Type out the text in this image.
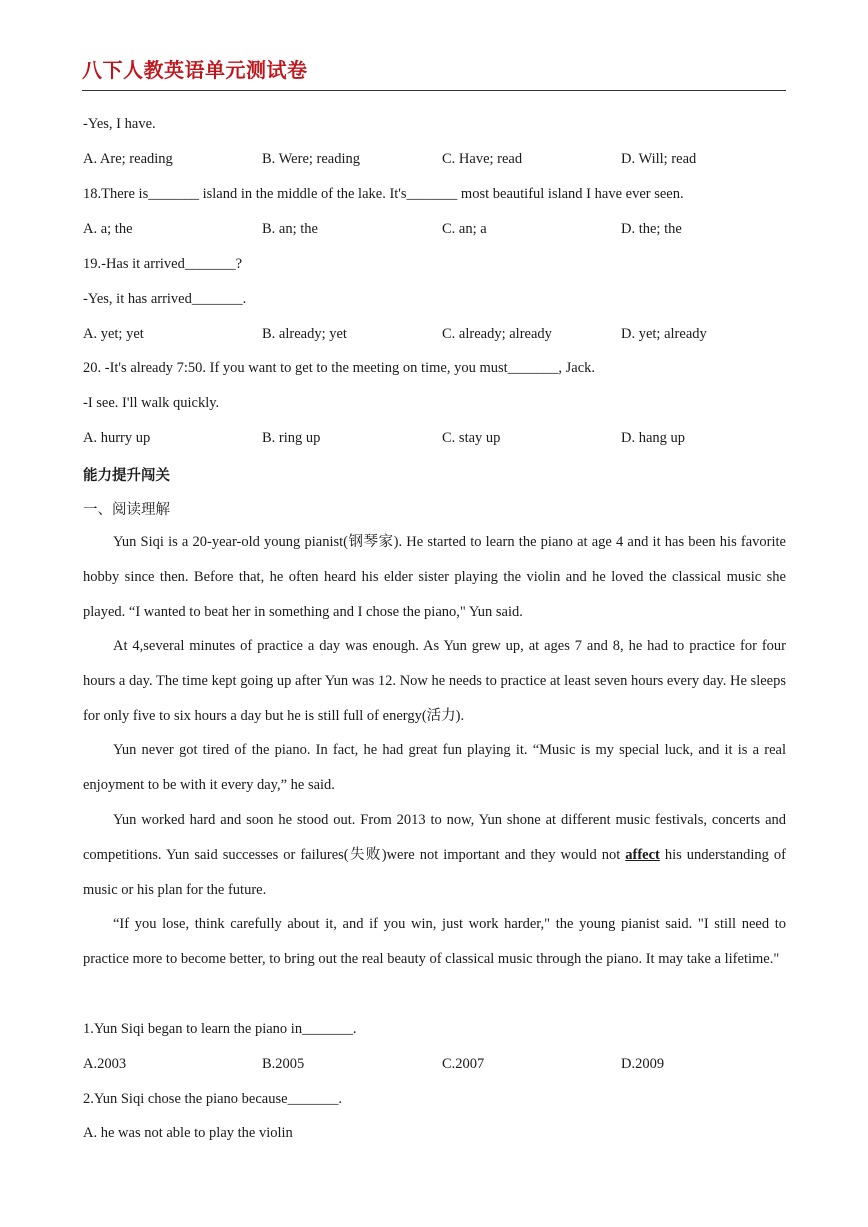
八下人教英语单元测试卷
-Yes, I have.
A. Are; reading	B. Were; reading	C. Have; read	D. Will; read
18.There is_______ island in the middle of the lake. It's_______ most beautiful island I have ever seen.
A. a; the	B. an; the	C. an; a	D. the; the
19.-Has it arrived_______?
-Yes, it has arrived_______.
A. yet; yet	B. already; yet	C. already; already	D. yet; already
20. -It's already 7:50. If you want to get to the meeting on time, you must_______, Jack.
-I see. I'll walk quickly.
A. hurry up	B. ring up	C. stay up	D. hang up
能力提升闯关
一、阅读理解
Yun Siqi is a 20-year-old young pianist(钢琴家). He started to learn the piano at age 4 and it has been his favorite hobby since then. Before that, he often heard his elder sister playing the violin and he loved the classical music she played. “I wanted to beat her in something and I chose the piano," Yun said.
At 4,several minutes of practice a day was enough. As Yun grew up, at ages 7 and 8, he had to practice for four hours a day. The time kept going up after Yun was 12. Now he needs to practice at least seven hours every day. He sleeps for only five to six hours a day but he is still full of energy(活力).
Yun never got tired of the piano. In fact, he had great fun playing it. “Music is my special luck, and it is a real enjoyment to be with it every day,” he said.
Yun worked hard and soon he stood out. From 2013 to now, Yun shone at different music festivals, concerts and competitions. Yun said successes or failures(失败)were not important and they would not affect his understanding of music or his plan for the future.
“If you lose, think carefully about it, and if you win, just work harder," the young pianist said. "I still need to practice more to become better, to bring out the real beauty of classical music through the piano. It may take a lifetime."
1.Yun Siqi began to learn the piano in_______.
A.2003	B.2005	C.2007	D.2009
2.Yun Siqi chose the piano because_______.
A. he was not able to play the violin
